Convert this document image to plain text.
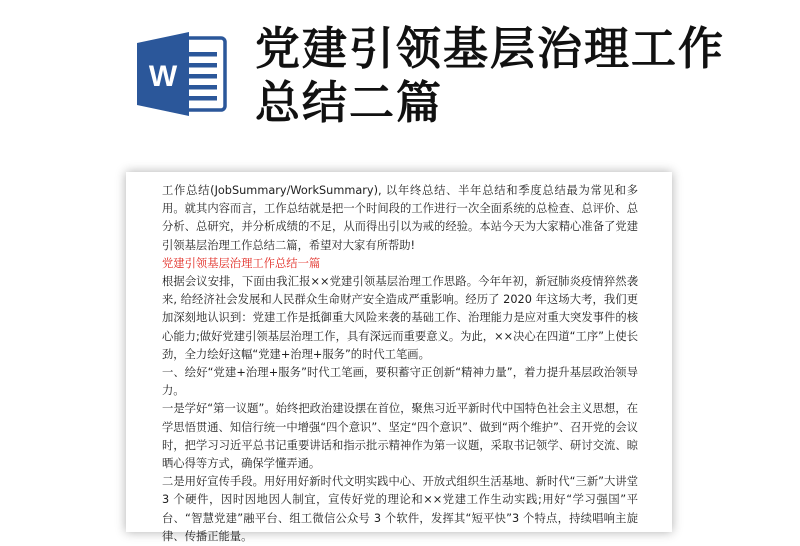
W
党建引领基层治理工作总结二篇

工作总结(JobSummary/WorkSummary), 以年终总结、半年总结和季度总结最为常见和多用。就其内容而言，工作总结就是把一个时间段的工作进行一次全面系统的总检查、总评价、总分析、总研究，并分析成绩的不足，从而得出引以为戒的经验。本站今天为大家精心准备了党建引领基层治理工作总结二篇，希望对大家有所帮助!

党建引领基层治理工作总结一篇

根据会议安排，下面由我汇报××党建引领基层治理工作思路。今年年初，新冠肺炎疫情猝然袭来, 给经济社会发展和人民群众生命财产安全造成严重影响。经历了 2020 年这场大考，我们更加深刻地认识到：党建工作是抵御重大风险来袭的基础工作、治理能力是应对重大突发事件的核心能力;做好党建引领基层治理工作，具有深远而重要意义。为此，××决心在四道“工序”上使长劲，全力绘好这幅“党建+治理+服务”的时代工笔画。

一、绘好“党建+治理+服务”时代工笔画，要积蓄守正创新“精神力量”，着力提升基层政治领导力。

一是学好“第一议题”。始终把政治建设摆在首位，聚焦习近平新时代中国特色社会主义思想，在学思悟贯通、知信行统一中增强“四个意识”、坚定“四个意识”、做到“两个维护”、召开党的会议时，把学习习近平总书记重要讲话和指示批示精神作为第一议题，采取书记领学、研讨交流、晾晒心得等方式，确保学懂弄通。

二是用好宣传手段。用好用好新时代文明实践中心、开放式组织生活基地、新时代“三新”大讲堂 3 个硬件，因时因地因人制宜，宣传好党的理论和××党建工作生动实践;用好“学习强国”平台、“智慧党建”融平台、组工微信公众号 3 个软件，发挥其“短平快”3 个特点，持续唱响主旋律、传播正能量。
